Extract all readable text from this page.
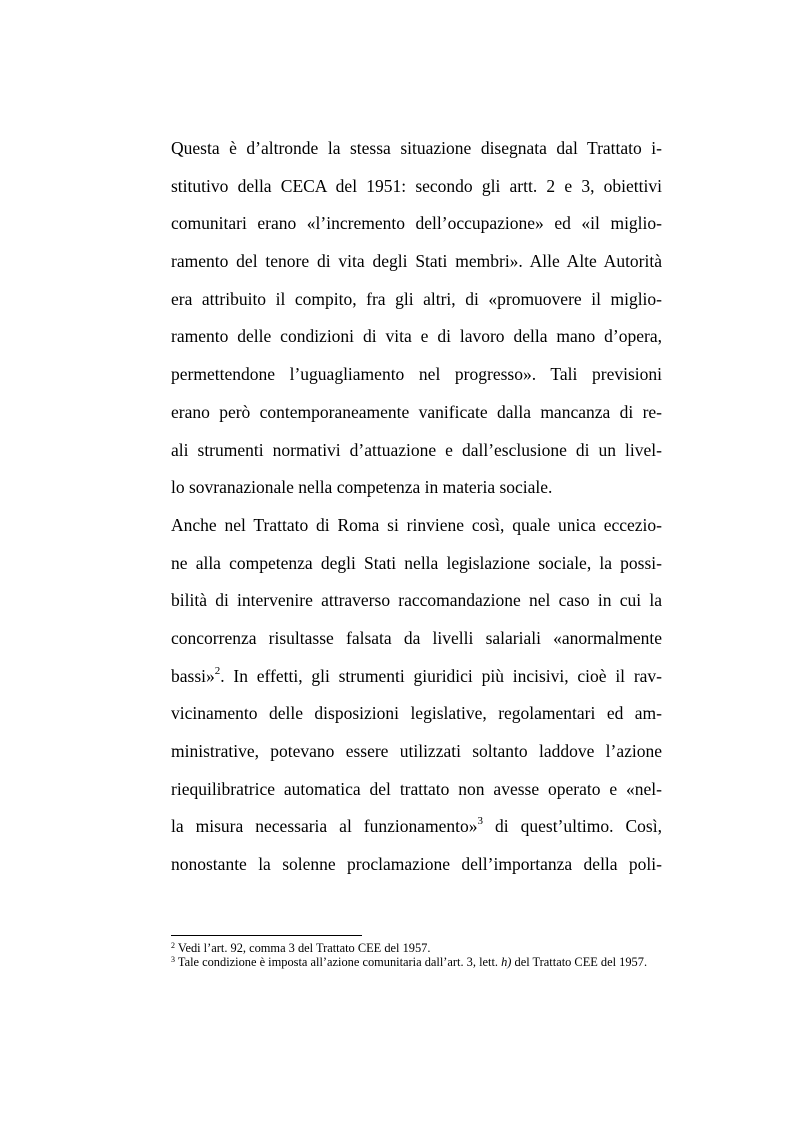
Questa è d’altronde la stessa situazione disegnata dal Trattato i-
stitutivo della CECA del 1951: secondo gli artt. 2 e 3, obiettivi
comunitari erano «l’incremento dell’occupazione» ed «il miglio-
ramento del tenore di vita degli Stati membri». Alle Alte Autorità
era attribuito il compito, fra gli altri, di «promuovere il miglio-
ramento delle condizioni di vita e di lavoro della mano d’opera,
permettendone l’uguagliamento nel progresso». Tali previsioni
erano però contemporaneamente vanificate dalla mancanza di re-
ali strumenti normativi d’attuazione e dall’esclusione di un livel-
lo sovranazionale nella competenza in materia sociale.
Anche nel Trattato di Roma si rinviene così, quale unica eccezio-
ne alla competenza degli Stati nella legislazione sociale, la possi-
bilità di intervenire attraverso raccomandazione nel caso in cui la
concorrenza risultasse falsata da livelli salariali «anormalmente
bassi»$^2$. In effetti, gli strumenti giuridici più incisivi, cioè il rav-
vicinamento delle disposizioni legislative, regolamentari ed am-
ministrative, potevano essere utilizzati soltanto laddove l’azione
riequilibratrice automatica del trattato non avesse operato e «nel-
la misura necessaria al funzionamento»$^3$ di quest’ultimo. Così,
nonostante la solenne proclamazione dell’importanza della poli-

$^2$ Vedi l’art. 92, comma 3 del Trattato CEE del 1957.

$^3$ Tale condizione è imposta all’azione comunitaria dall’art. 3, lett. h) del Trattato CEE del 1957.
